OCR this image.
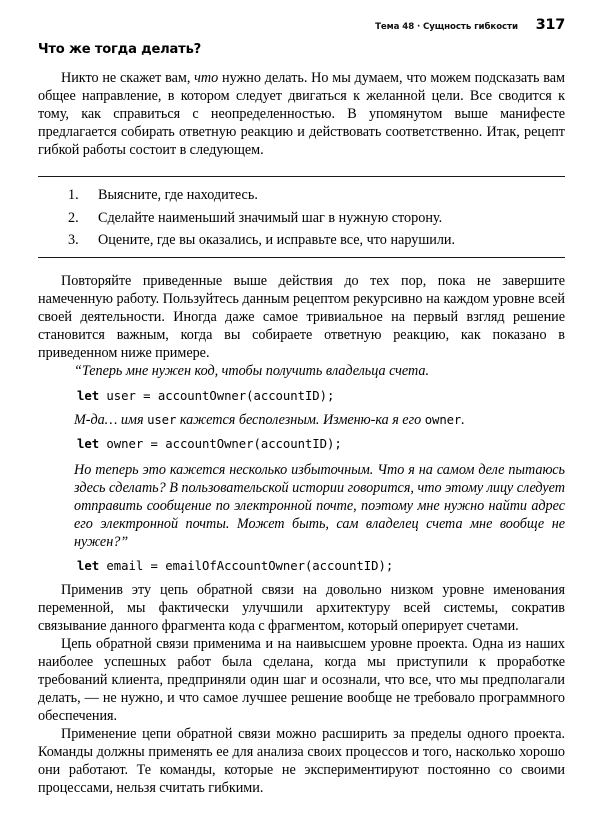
Тема 48 · Сущность гибкости 317
Что же тогда делать?

Никто не скажет вам, что нужно делать. Но мы думаем, что можем подсказать вам общее направление, в котором следует двигаться к желанной цели. Все сводится к тому, как справиться с неопределенностью. В упомянутом выше манифесте предлагается собирать ответную реакцию и действовать соответственно. Итак, рецепт гибкой работы состоит в следующем.

1.	Выясните, где находитесь.
2.	Сделайте наименьший значимый шаг в нужную сторону.
3.	Оцените, где вы оказались, и исправьте все, что нарушили.

Повторяйте приведенные выше действия до тех пор, пока не завершите намеченную работу. Пользуйтесь данным рецептом рекурсивно на каждом уровне всей своей деятельности. Иногда даже самое тривиальное на первый взгляд решение становится важным, когда вы собираете ответную реакцию, как показано в приведенном ниже примере.

“Теперь мне нужен код, чтобы получить владельца счета.

let user = accountOwner(accountID);

М-да… имя user кажется бесполезным. Изменю-ка я его owner.

let owner = accountOwner(accountID);

Но теперь это кажется несколько избыточным. Что я на самом деле пытаюсь здесь сделать? В пользовательской истории говорится, что этому лицу следует отправить сообщение по электронной почте, поэтому мне нужно найти адрес его электронной почты. Может быть, сам владелец счета мне вообще не нужен?”

let email = emailOfAccountOwner(accountID);

Применив эту цепь обратной связи на довольно низком уровне именования переменной, мы фактически улучшили архитектуру всей системы, сократив связывание данного фрагмента кода с фрагментом, который оперирует счетами.

Цепь обратной связи применима и на наивысшем уровне проекта. Одна из наших наиболее успешных работ была сделана, когда мы приступили к проработке требований клиента, предприняли один шаг и осознали, что все, что мы предполагали делать, — не нужно, и что самое лучшее решение вообще не требовало программного обеспечения.

Применение цепи обратной связи можно расширить за пределы одного проекта. Команды должны применять ее для анализа своих процессов и того, насколько хорошо они работают. Те команды, которые не экспериментируют постоянно со своими процессами, нельзя считать гибкими.
